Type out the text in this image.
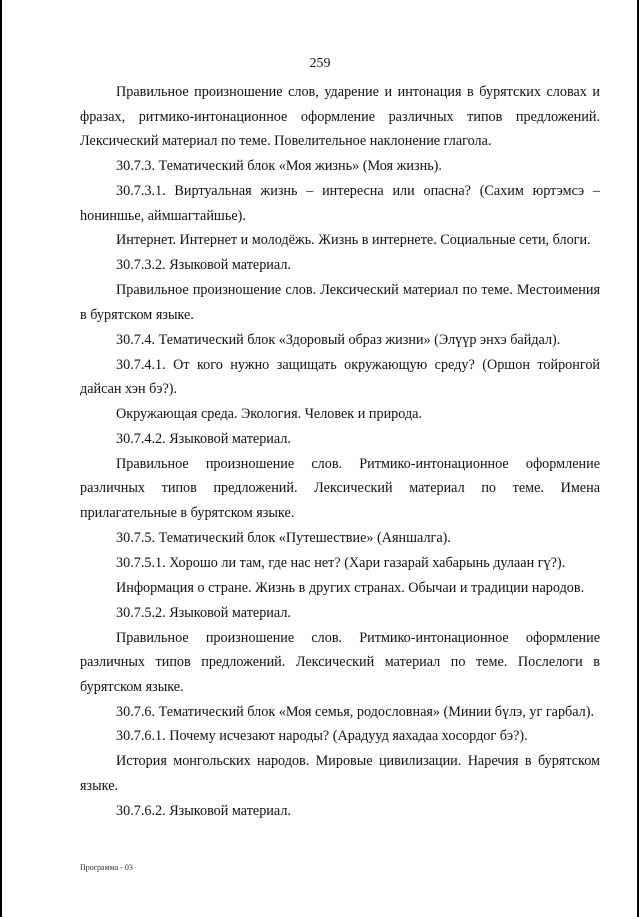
259

Правильное произношение слов, ударение и интонация в бурятских словах и фразах, ритмико-интонационное оформление различных типов предложений. Лексический материал по теме. Повелительное наклонение глагола.

30.7.3. Тематический блок «Моя жизнь» (Моя жизнь).

30.7.3.1. Виртуальная жизнь – интересна или опасна? (Сахим юртэмсэ – hониншье, аймшагтайшье).

Интернет. Интернет и молодёжь. Жизнь в интернете. Социальные сети, блоги.

30.7.3.2. Языковой материал.

Правильное произношение слов. Лексический материал по теме. Местоимения в бурятском языке.

30.7.4. Тематический блок «Здоровый образ жизни» (Элүүр энхэ байдал).

30.7.4.1. От кого нужно защищать окружающую среду? (Оршон тойронгой дайсан хэн бэ?).

Окружающая среда. Экология. Человек и природа.

30.7.4.2. Языковой материал.

Правильное произношение слов. Ритмико-интонационное оформление различных типов предложений. Лексический материал по теме. Имена прилагательные в бурятском языке.

30.7.5. Тематический блок «Путешествие» (Аяншалга).

30.7.5.1. Хорошо ли там, где нас нет? (Хари газарай хабарынь дулаан гү?).

Информация о стране. Жизнь в других странах. Обычаи и традиции народов.

30.7.5.2. Языковой материал.

Правильное произношение слов. Ритмико-интонационное оформление различных типов предложений. Лексический материал по теме. Послелоги в бурятском языке.

30.7.6. Тематический блок «Моя семья, родословная» (Минии бүлэ, уг гарбал).

30.7.6.1. Почему исчезают народы? (Арадууд яахадаа хосордог бэ?).

История монгольских народов. Мировые цивилизации. Наречия в бурятском языке.

30.7.6.2. Языковой материал.

Программа - 03
